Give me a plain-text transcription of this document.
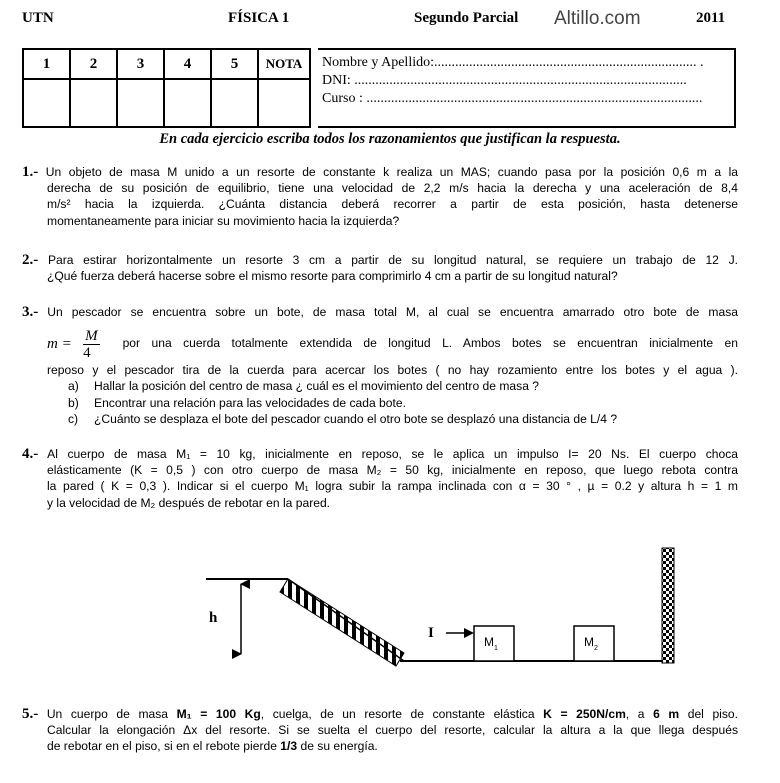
UTN	FÍSICA 1	Segundo Parcial Altillo.com	2011
1	2	3	4	5	NOTA
					Nombre y Apellido:........................................................................... .
DNI: ...............................................................................................
Curso : ................................................................................................
En cada ejercicio escriba todos los razonamientos que justifican la respuesta.
1.- Un objeto de masa M unido a un resorte de constante k realiza un MAS; cuando pasa por la posición 0,6 m a la
derecha de su posición de equilibrio, tiene una velocidad de 2,2 m/s hacia la derecha y una aceleración de 8,4
m/s² hacia la izquierda. ¿Cuánta distancia deberá recorrer a partir de esta posición, hasta detenerse
momentaneamente para iniciar su movimiento hacia la izquierda?
2.- Para estirar horizontalmente un resorte 3 cm a partir de su longitud natural, se requiere un trabajo de 12 J.
¿Qué fuerza deberá hacerse sobre el mismo resorte para comprimirlo 4 cm a partir de su longitud natural?
3.- Un pescador se encuentra sobre un bote, de masa total M, al cual se encuentra amarrado otro bote de masa
$m = \frac{M}{4}$ por una cuerda totalmente extendida de longitud L. Ambos botes se encuentran inicialmente en
reposo y el pescador tira de la cuerda para acercar los botes ( no hay rozamiento entre los botes y el agua ).
a) Hallar la posición del centro de masa ¿ cuál es el movimiento del centro de masa ?
b) Encontrar una relación para las velocidades de cada bote.
c) ¿Cuánto se desplaza el bote del pescador cuando el otro bote se desplazó una distancia de L/4 ?
4.- Al cuerpo de masa M₁ = 10 kg, inicialmente en reposo, se le aplica un impulso I= 20 Ns. El cuerpo choca
elásticamente (K = 0,5 ) con otro cuerpo de masa M₂ = 50 kg, inicialmente en reposo, que luego rebota contra
la pared ( K = 0,3 ). Indicar si el cuerpo M₁ logra subir la rampa inclinada con α = 30 ° , µ = 0.2 y altura h = 1 m
y la velocidad de M₂ después de rebotar en la pared.
h
I
$M_1$	$M_2$
5.- Un cuerpo de masa M₁ = 100 Kg, cuelga, de un resorte de constante elástica K = 250N/cm, a 6 m del piso.
Calcular la elongación Δx del resorte. Si se suelta el cuerpo del resorte, calcular la altura a la que llega después
de rebotar en el piso, si en el rebote pierde 1/3 de su energía.
